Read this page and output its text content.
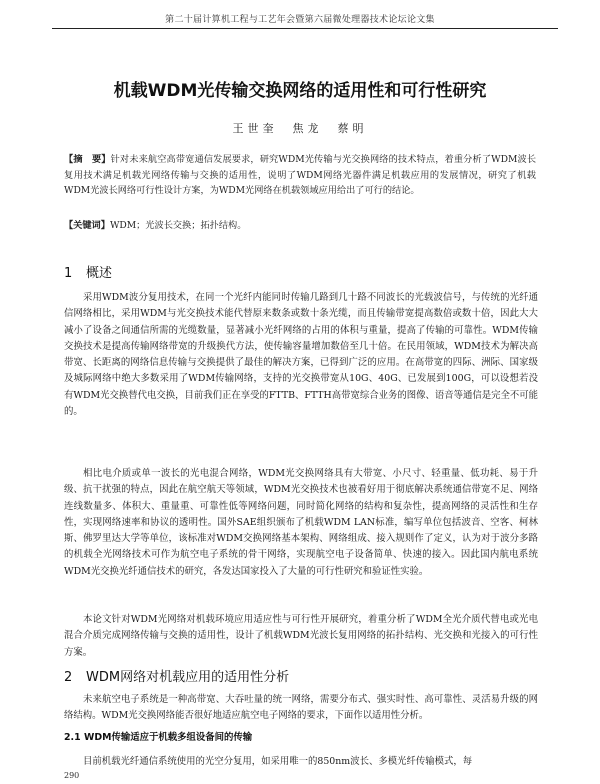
第二十届计算机工程与工艺年会暨第六届微处理器技术论坛论文集
机载WDM光传输交换网络的适用性和可行性研究
王世奎　焦龙　蔡明
【摘　要】针对未来航空高带宽通信发展要求，研究WDM光传输与光交换网络的技术特点，着重分析了WDM波长复用技术满足机载光网络传输与交换的适用性，说明了WDM网络光器件满足机载应用的发展情况，研究了机载WDM光波长网络可行性设计方案，为WDM光网络在机载领域应用给出了可行的结论。
【关键词】WDM；光波长交换；拓扑结构。
1 概述
采用WDM波分复用技术，在同一个光纤内能同时传输几路到几十路不同波长的光载波信号，与传统的光纤通信网络相比，采用WDM与光交换技术能代替原来数条或数十条光缆，而且传输带宽提高数倍或数十倍，因此大大减小了设备之间通信所需的光缆数量，显著减小光纤网络的占用的体积与重量，提高了传输的可靠性。WDM传输交换技术是提高传输网络带宽的升级换代方法，使传输容量增加数倍至几十倍。在民用领域，WDM技术为解决高带宽、长距离的网络信息传输与交换提供了最佳的解决方案，已得到广泛的应用。在高带宽的四际、洲际、国家级及城际网络中绝大多数采用了WDM传输网络，支持的光交换带宽从10G、40G、已发展到100G，可以设想若没有WDM光交换替代电交换，目前我们正在享受的FTTB、FTTH高带宽综合业务的图像、语音等通信是完全不可能的。
相比电介质或单一波长的光电混合网络，WDM光交换网络具有大带宽、小尺寸、轻重量、低功耗、易于升级、抗干扰强的特点，因此在航空航天等领域，WDM光交换技术也被看好用于彻底解决系统通信带宽不足、网络连线数量多、体积大、重量重、可靠性低等网络问题，同时简化网络的结构和复杂性，提高网络的灵活性和生存性，实现网络速率和协议的透明性。国外SAE组织颁布了机载WDM LAN标准，编写单位包括波音、空客、柯林斯、佛罗里达大学等单位，该标准对WDM交换网络基本架构、网络组成、接入规则作了定义，认为对于波分多路的机载全光网络技术可作为航空电子系统的骨干网络，实现航空电子设备简单、快速的接入。因此国内航电系统WDM光交换光纤通信技术的研究，各发达国家投入了大量的可行性研究和验证性实验。
本论文针对WDM光网络对机载环境应用适应性与可行性开展研究，着重分析了WDM全光介质代替电或光电混合介质完成网络传输与交换的适用性，设计了机载WDM光波长复用网络的拓扑结构、光交换和光接入的可行性方案。
2 WDM网络对机载应用的适用性分析
未来航空电子系统是一种高带宽、大吞吐量的统一网络，需要分布式、强实时性、高可靠性、灵活易升级的网络结构。WDM光交换网络能否很好地适应航空电子网络的要求，下面作以适用性分析。
2.1 WDM传输适应于机载多组设备间的传输
目前机载光纤通信系统使用的光空分复用，如采用唯一的850nm波长、多模光纤传输模式，每
290
